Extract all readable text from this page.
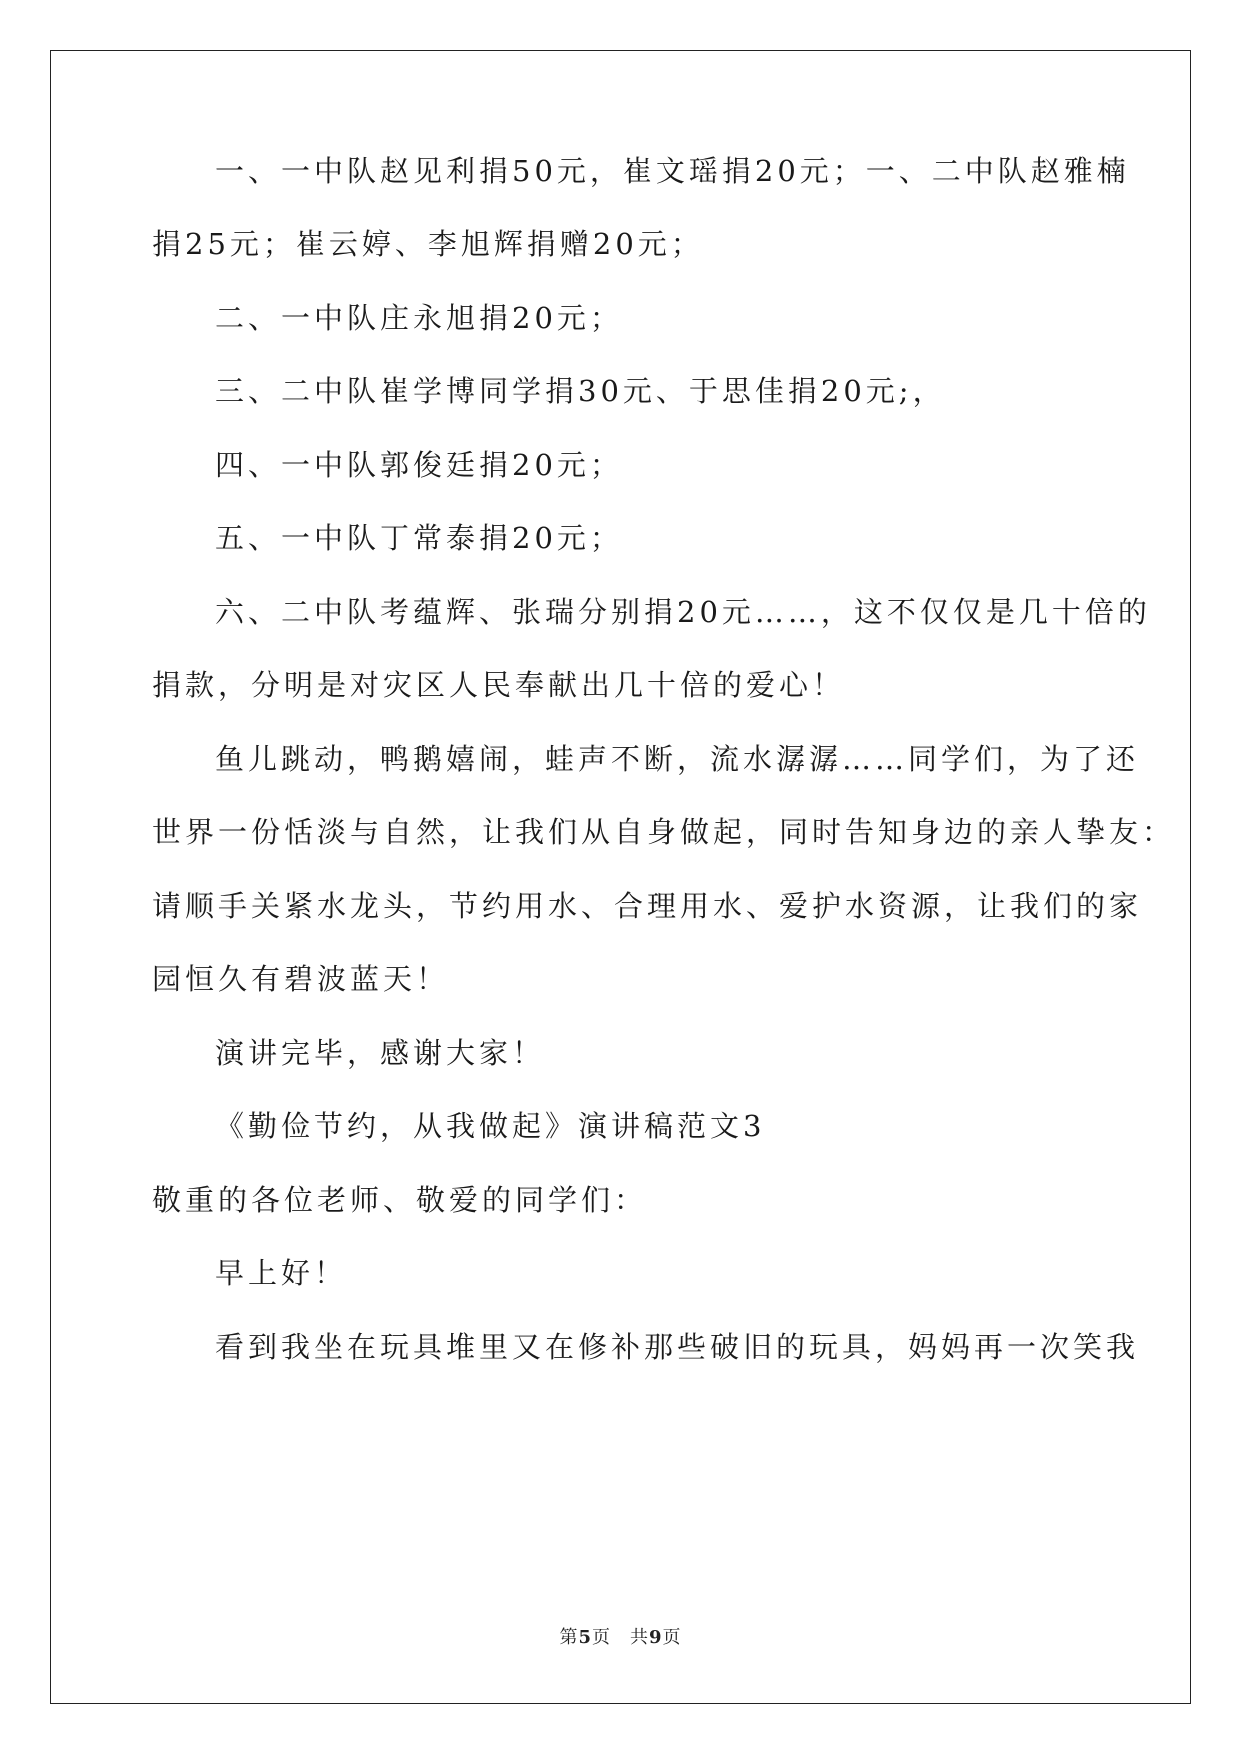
一、一中队赵见利捐50元，崔文瑶捐20元；一、二中队赵雅楠
捐25元；崔云婷、李旭辉捐赠20元；
二、一中队庄永旭捐20元；
三、二中队崔学博同学捐30元、于思佳捐20元;，
四、一中队郭俊廷捐20元；
五、一中队丁常泰捐20元；
六、二中队考蕴辉、张瑞分别捐20元……，这不仅仅是几十倍的
捐款，分明是对灾区人民奉献出几十倍的爱心！
鱼儿跳动，鸭鹅嬉闹，蛙声不断，流水潺潺……同学们，为了还
世界一份恬淡与自然，让我们从自身做起，同时告知身边的亲人挚友：
请顺手关紧水龙头，节约用水、合理用水、爱护水资源，让我们的家
园恒久有碧波蓝天！
演讲完毕，感谢大家！
《勤俭节约，从我做起》演讲稿范文3
敬重的各位老师、敬爱的同学们：
早上好！
看到我坐在玩具堆里又在修补那些破旧的玩具，妈妈再一次笑我
第5页　共9页
